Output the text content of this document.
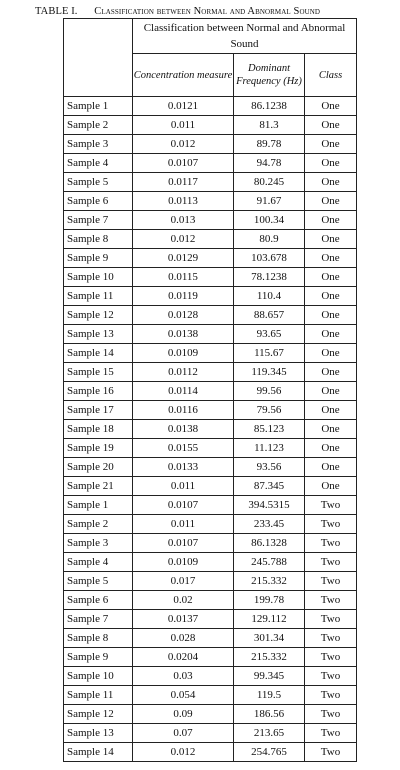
TABLE I. Classification between Normal and Abnormal Sound
	Classification between Normal and Abnormal Sound		
	Concentration measure	Dominant Frequency (Hz)	Class
Sample 1	0.0121	86.1238	One
Sample 2	0.011	81.3	One
Sample 3	0.012	89.78	One
Sample 4	0.0107	94.78	One
Sample 5	0.0117	80.245	One
Sample 6	0.0113	91.67	One
Sample 7	0.013	100.34	One
Sample 8	0.012	80.9	One
Sample 9	0.0129	103.678	One
Sample 10	0.0115	78.1238	One
Sample 11	0.0119	110.4	One
Sample 12	0.0128	88.657	One
Sample 13	0.0138	93.65	One
Sample 14	0.0109	115.67	One
Sample 15	0.0112	119.345	One
Sample 16	0.0114	99.56	One
Sample 17	0.0116	79.56	One
Sample 18	0.0138	85.123	One
Sample 19	0.0155	11.123	One
Sample 20	0.0133	93.56	One
Sample 21	0.011	87.345	One
Sample 1	0.0107	394.5315	Two
Sample 2	0.011	233.45	Two
Sample 3	0.0107	86.1328	Two
Sample 4	0.0109	245.788	Two
Sample 5	0.017	215.332	Two
Sample 6	0.02	199.78	Two
Sample 7	0.0137	129.112	Two
Sample 8	0.028	301.34	Two
Sample 9	0.0204	215.332	Two
Sample 10	0.03	99.345	Two
Sample 11	0.054	119.5	Two
Sample 12	0.09	186.56	Two
Sample 13	0.07	213.65	Two
Sample 14	0.012	254.765	Two
